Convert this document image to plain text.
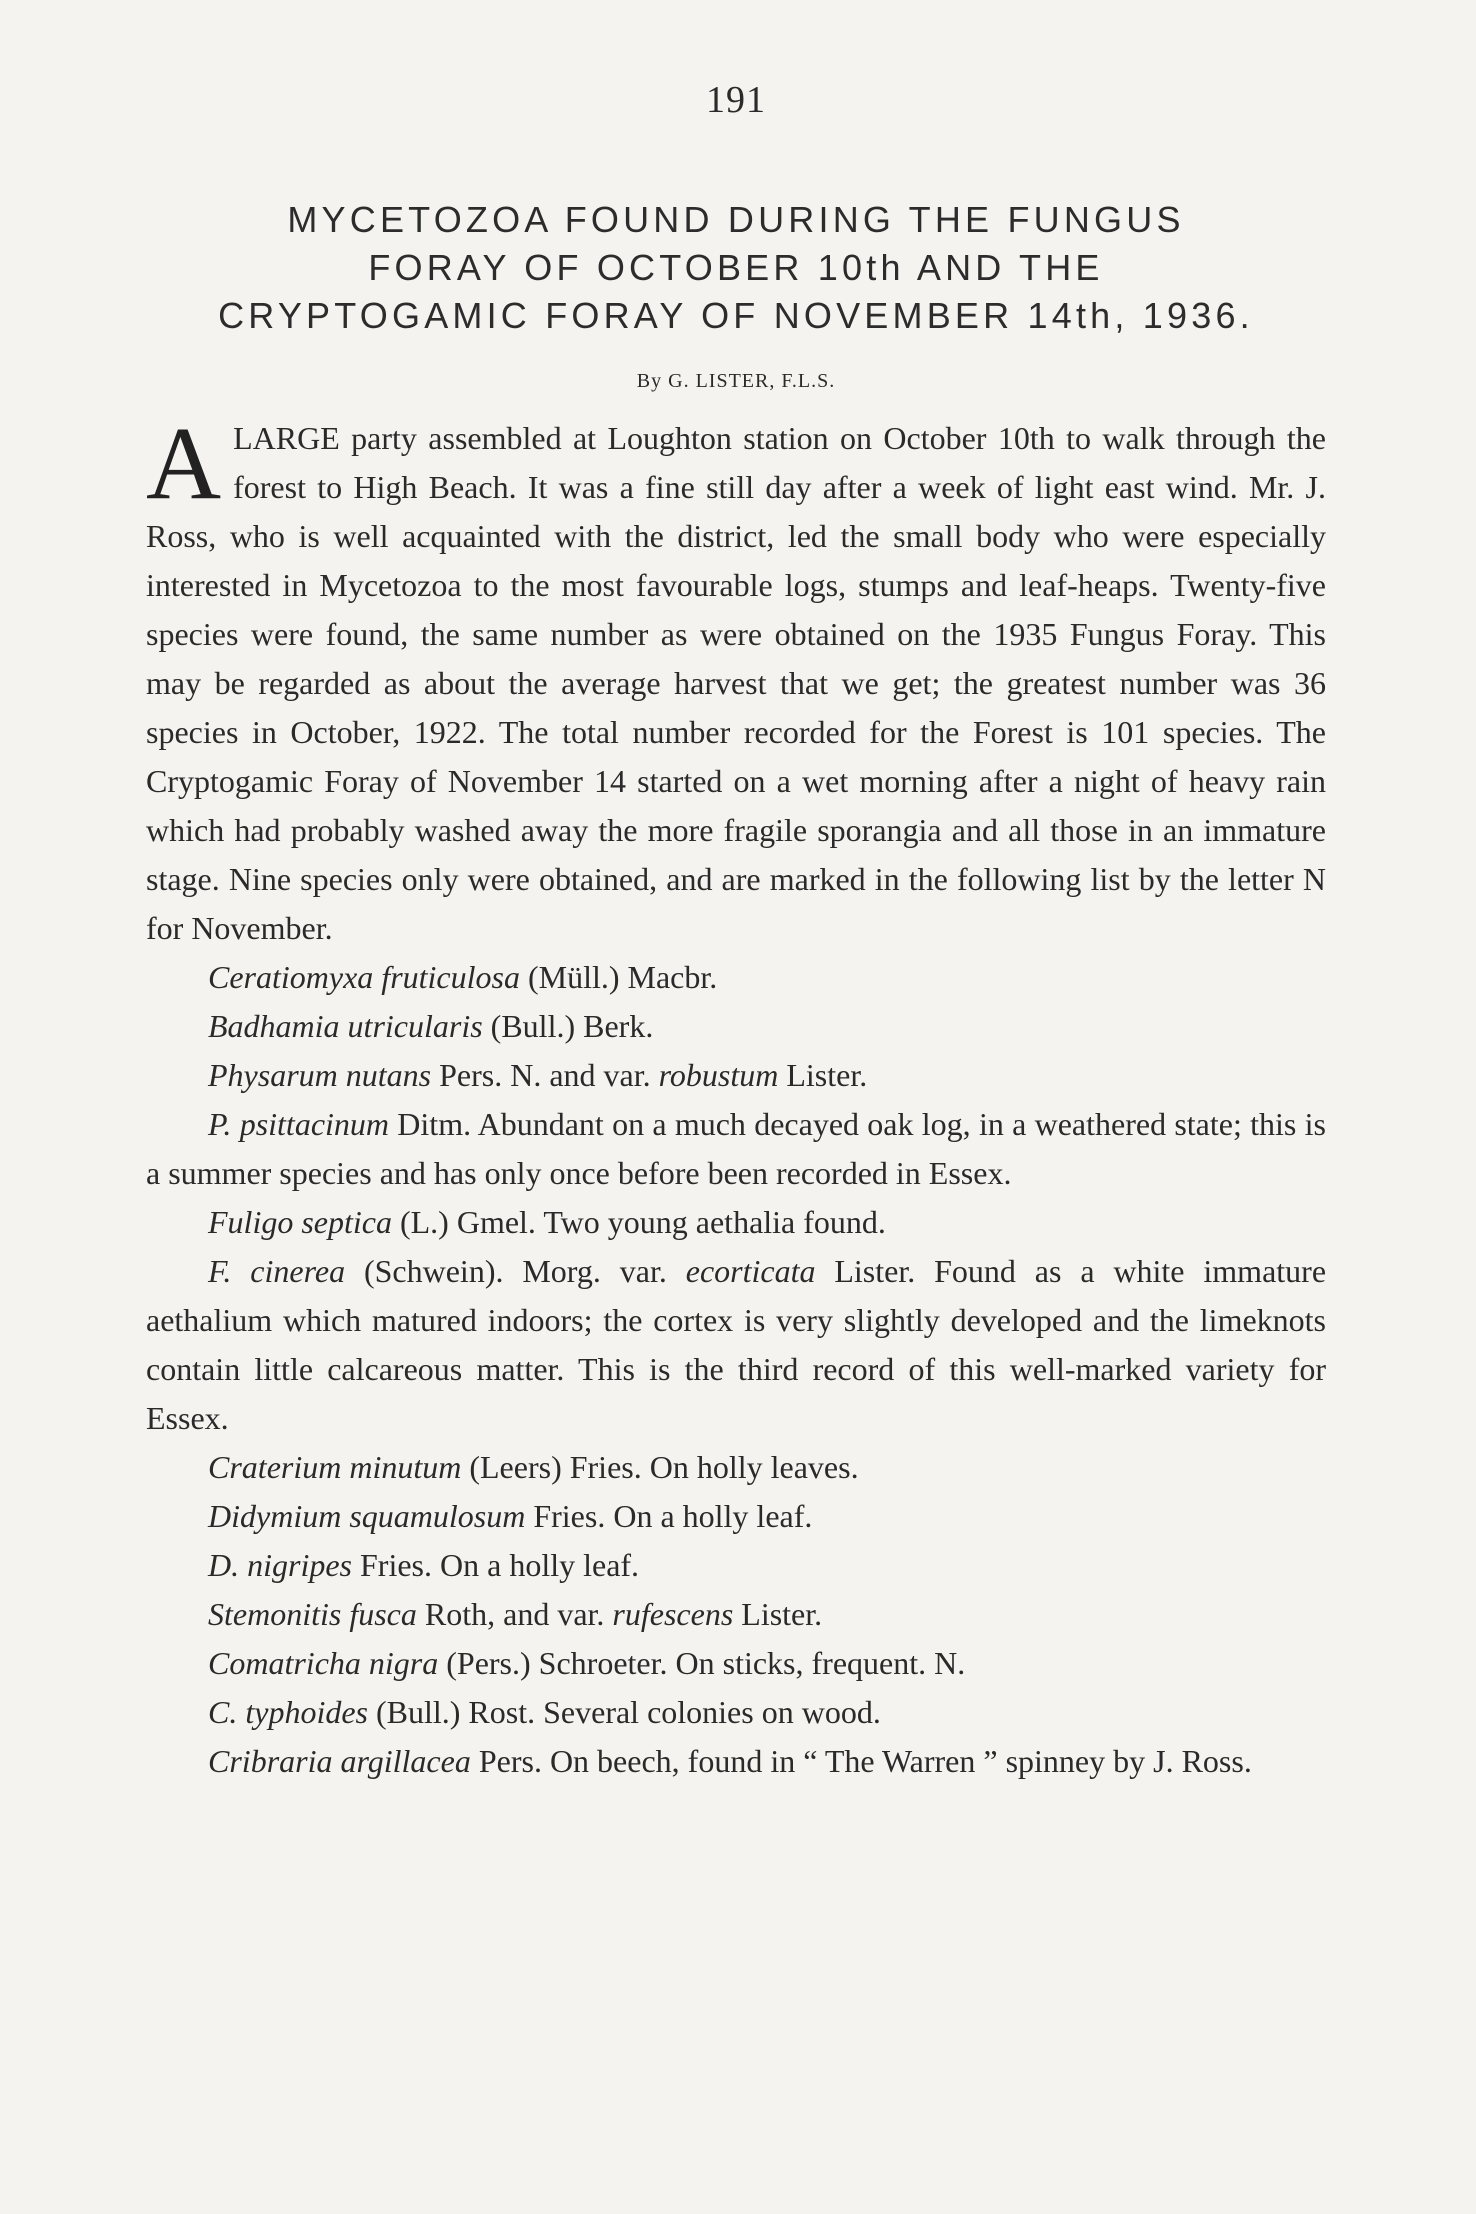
191
MYCETOZOA FOUND DURING THE FUNGUS
FORAY OF OCTOBER 10th AND THE
CRYPTOGAMIC FORAY OF NOVEMBER 14th, 1936.
By G. LISTER, F.L.S.

ALARGE party assembled at Loughton station on October 10th to walk through the forest to High Beach. It was a fine still day after a week of light east wind. Mr. J. Ross, who is well acquainted with the district, led the small body who were especially interested in Mycetozoa to the most favourable logs, stumps and leaf-heaps. Twenty-five species were found, the same number as were obtained on the 1935 Fungus Foray. This may be regarded as about the average harvest that we get; the greatest number was 36 species in October, 1922. The total number recorded for the Forest is 101 species. The Cryptogamic Foray of November 14 started on a wet morning after a night of heavy rain which had probably washed away the more fragile sporangia and all those in an immature stage. Nine species only were obtained, and are marked in the following list by the letter N for November.

Ceratiomyxa fruticulosa (Müll.) Macbr.

Badhamia utricularis (Bull.) Berk.

Physarum nutans Pers. N. and var. robustum Lister.

P. psittacinum Ditm. Abundant on a much decayed oak log, in a weathered state; this is a summer species and has only once before been recorded in Essex.

Fuligo septica (L.) Gmel. Two young aethalia found.

F. cinerea (Schwein). Morg. var. ecorticata Lister. Found as a white immature aethalium which matured indoors; the cortex is very slightly developed and the limeknots contain little calcareous matter. This is the third record of this well-marked variety for Essex.

Craterium minutum (Leers) Fries. On holly leaves.

Didymium squamulosum Fries. On a holly leaf.

D. nigripes Fries. On a holly leaf.

Stemonitis fusca Roth, and var. rufescens Lister.

Comatricha nigra (Pers.) Schroeter. On sticks, frequent. N.

C. typhoides (Bull.) Rost. Several colonies on wood.

Cribraria argillacea Pers. On beech, found in “ The Warren ” spinney by J. Ross.
